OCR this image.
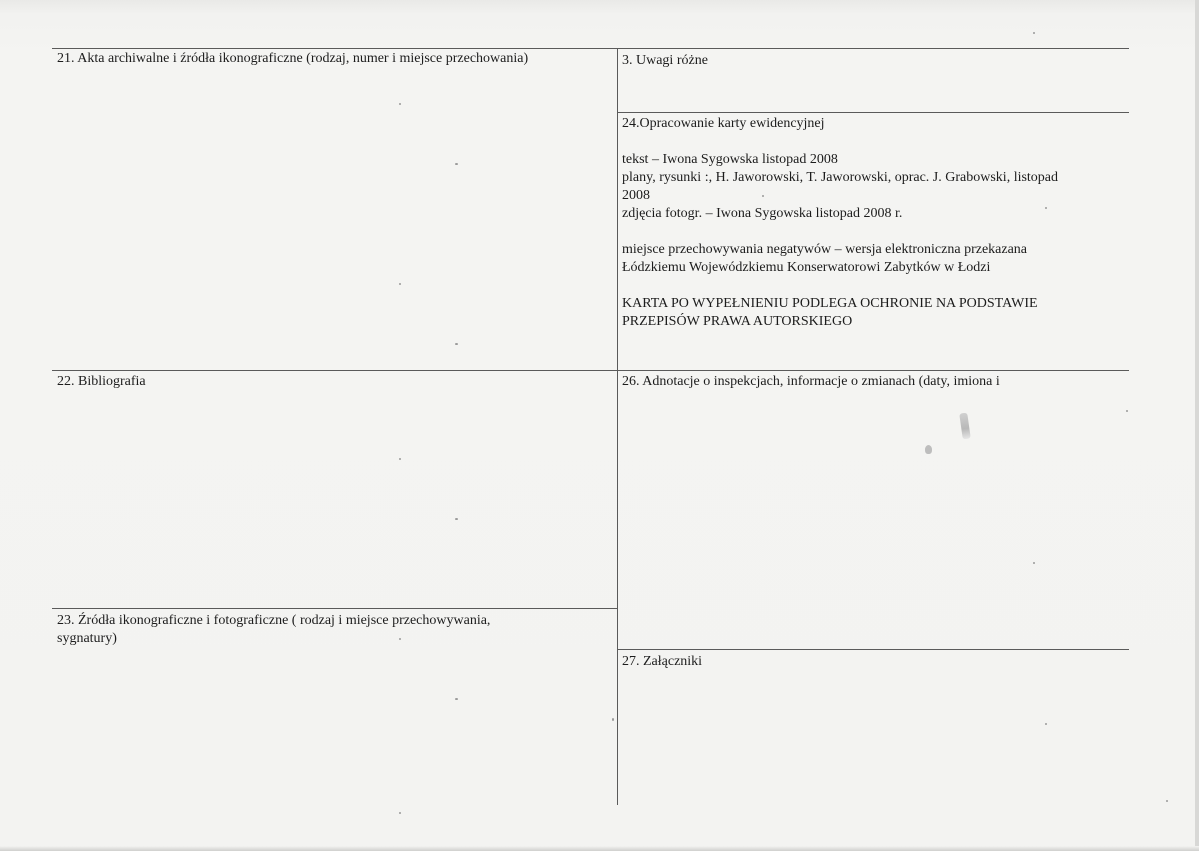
21. Akta archiwalne i źródła ikonograficzne (rodzaj, numer i miejsce przechowania)	3. Uwagi różne
24.Opracowanie karty ewidencyjnej

tekst – Iwona Sygowska listopad 2008

plany, rysunki :, H. Jaworowski, T. Jaworowski, oprac. J. Grabowski, listopad

2008

zdjęcia fotogr. – Iwona Sygowska listopad 2008 r.

miejsce przechowywania negatywów – wersja elektroniczna przekazana

Łódzkiemu Wojewódzkiemu Konserwatorowi Zabytków w Łodzi

KARTA PO WYPEŁNIENIU PODLEGA OCHRONIE NA PODSTAWIE

PRZEPISÓW PRAWA AUTORSKIEGO

22. Bibliografia	26. Adnotacje o inspekcjach, informacje o zmianach (daty, imiona i

23. Źródła ikonograficzne i fotograficzne ( rodzaj i miejsce przechowywania,

sygnatury)

27. Załączniki
